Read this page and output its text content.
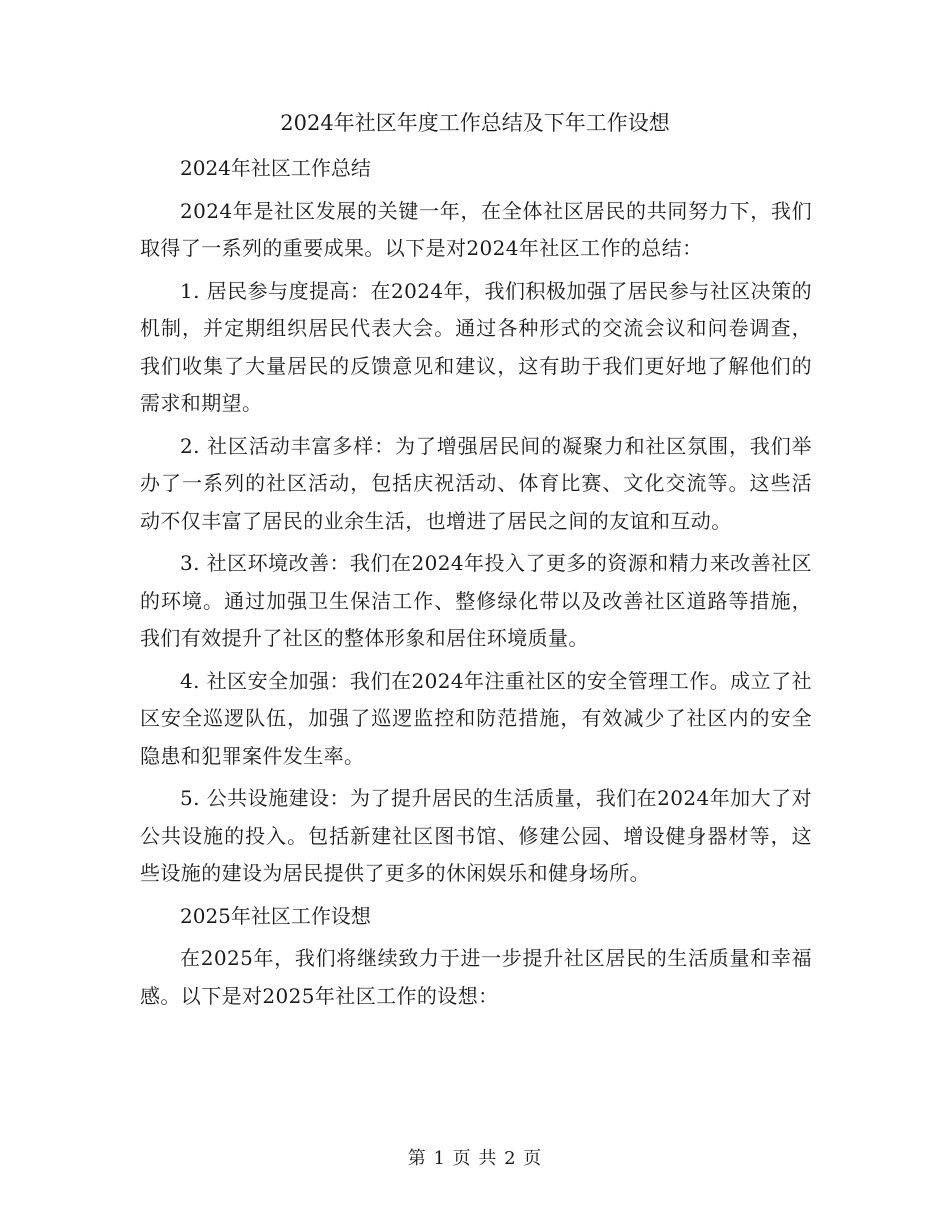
2024年社区年度工作总结及下年工作设想

2024年社区工作总结

2024年是社区发展的关键一年，在全体社区居民的共同努力下，我们取得了一系列的重要成果。以下是对2024年社区工作的总结：

1. 居民参与度提高：在2024年，我们积极加强了居民参与社区决策的机制，并定期组织居民代表大会。通过各种形式的交流会议和问卷调查，我们收集了大量居民的反馈意见和建议，这有助于我们更好地了解他们的需求和期望。

2. 社区活动丰富多样：为了增强居民间的凝聚力和社区氛围，我们举办了一系列的社区活动，包括庆祝活动、体育比赛、文化交流等。这些活动不仅丰富了居民的业余生活，也增进了居民之间的友谊和互动。

3. 社区环境改善：我们在2024年投入了更多的资源和精力来改善社区的环境。通过加强卫生保洁工作、整修绿化带以及改善社区道路等措施，我们有效提升了社区的整体形象和居住环境质量。

4. 社区安全加强：我们在2024年注重社区的安全管理工作。成立了社区安全巡逻队伍，加强了巡逻监控和防范措施，有效减少了社区内的安全隐患和犯罪案件发生率。

5. 公共设施建设：为了提升居民的生活质量，我们在2024年加大了对公共设施的投入。包括新建社区图书馆、修建公园、增设健身器材等，这些设施的建设为居民提供了更多的休闲娱乐和健身场所。

2025年社区工作设想

在2025年，我们将继续致力于进一步提升社区居民的生活质量和幸福感。以下是对2025年社区工作的设想：

第 1 页 共 2 页
